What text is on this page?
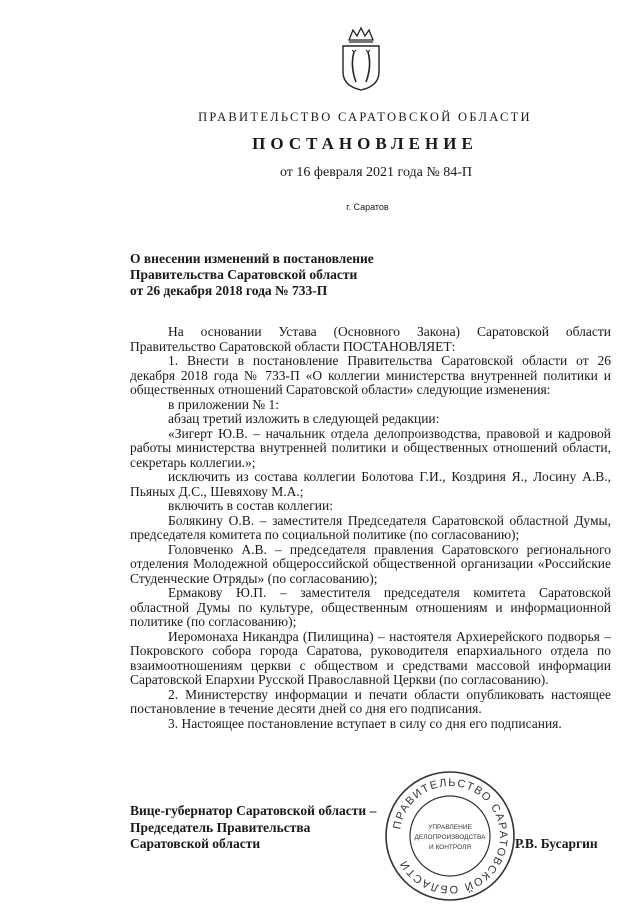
ПРАВИТЕЛЬСТВО САРАТОВСКОЙ ОБЛАСТИ
ПОСТАНОВЛЕНИЕ
от 16 февраля 2021 года № 84-П
г. Саратов
О внесении изменений в постановление
Правительства Саратовской области
от 26 декабря 2018 года № 733-П

На основании Устава (Основного Закона) Саратовской области Правительство Саратовской области ПОСТАНОВЛЯЕТ:

1. Внести в постановление Правительства Саратовской области от 26 декабря 2018 года № 733-П «О коллегии министерства внутренней политики и общественных отношений Саратовской области» следующие изменения:

в приложении № 1:

абзац третий изложить в следующей редакции:

«Зигерт Ю.В. – начальник отдела делопроизводства, правовой и кадровой работы министерства внутренней политики и общественных отношений области, секретарь коллегии.»;

исключить из состава коллегии Болотова Г.И., Коздриня Я., Лосину А.В., Пьяных Д.С., Шевяхову М.А.;

включить в состав коллегии:

Болякину О.В. – заместителя Председателя Саратовской областной Думы, председателя комитета по социальной политике (по согласованию);

Головченко А.В. – председателя правления Саратовского регионального отделения Молодежной общероссийской общественной организации «Российские Студенческие Отряды» (по согласованию);

Ермакову Ю.П. – заместителя председателя комитета Саратовской областной Думы по культуре, общественным отношениям и информационной политике (по согласованию);

Иеромонаха Никандра (Пилищина) – настоятеля Архиерейского подворья – Покровского собора города Саратова, руководителя епархиального отдела по взаимоотношениям церкви с обществом и средствами массовой информации Саратовской Епархии Русской Православной Церкви (по согласованию).

2. Министерству информации и печати области опубликовать настоящее постановление в течение десяти дней со дня его подписания.

3. Настоящее постановление вступает в силу со дня его подписания.

Вице-губернатор Саратовской области –
Председатель Правительства
Саратовской области
ПРАВИТЕЛЬСТВО САРАТОВСКОЙ ОБЛАСТИ
УПРАВЛЕНИЕ
ДЕЛОПРОИЗВОДСТВА
И КОНТРОЛЯ	Р.В. Бусаргин
